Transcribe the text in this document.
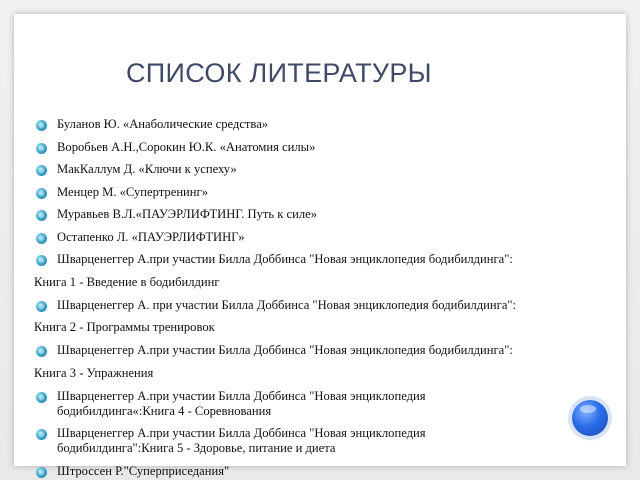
СПИСОК ЛИТЕРАТУРЫ
Буланов Ю. «Анаболические средства»
Воробьев А.Н.,Сорокин Ю.К. «Анатомия силы»
МакКаллум Д. «Ключи к успеху»
Менцер М. «Супертренинг»
Муравьев В.Л.«ПАУЭРЛИФТИНГ. Путь к силе»
Остапенко Л. «ПАУЭРЛИФТИНГ»
Шварценеггер А.при участии Билла Доббинса "Новая энциклопедия бодибилдинга":
Книга 1 - Введение в бодибилдинг
Шварценеггер А. при участии Билла Доббинса "Новая энциклопедия бодибилдинга":
Книга 2 - Программы тренировок
Шварценеггер А.при участии Билла Доббинса "Новая энциклопедия бодибилдинга":
Книга 3 - Упражнения
Шварценеггер А.при участии Билла Доббинса "Новая энциклопедия бодибилдинга«:Книга 4 - Соревнования
Шварценеггер А.при участии Билла Доббинса "Новая энциклопедия бодибилдинга":Книга 5 - Здоровье, питание и диета
Штроссен Р."Суперприседания"
